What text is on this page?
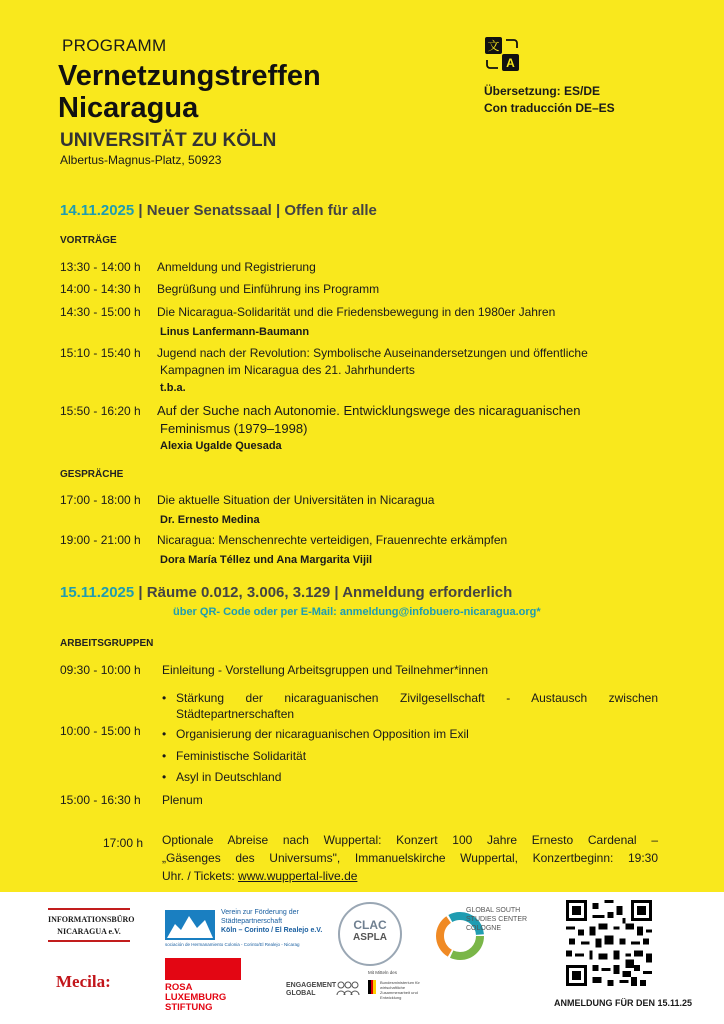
PROGRAMM
Vernetzungstreffen
Nicaragua
UNIVERSITÄT ZU KÖLN
Albertus-Magnus-Platz, 50923
文
A
Übersetzung: ES/DE
Con traducción DE–ES
14.11.2025 | Neuer Senatssaal | Offen für alle
VORTRÄGE
13:30 - 14:00 h Anmeldung und Registrierung
14:00 - 14:30 h Begrüßung und Einführung ins Programm
14:30 - 15:00 h Die Nicaragua-Solidarität und die Friedensbewegung in den 1980er Jahren
Linus Lanfermann-Baumann
15:10 - 15:40 h Jugend nach der Revolution: Symbolische Auseinandersetzungen und öffentliche
Kampagnen im Nicaragua des 21. Jahrhunderts
t.b.a.
15:50 - 16:20 h Auf der Suche nach Autonomie. Entwicklungswege des nicaraguanischen
Feminismus (1979–1998)
Alexia Ugalde Quesada
GESPRÄCHE
17:00 - 18:00 h Die aktuelle Situation der Universitäten in Nicaragua
Dr. Ernesto Medina
19:00 - 21:00 h Nicaragua: Menschenrechte verteidigen, Frauenrechte erkämpfen
Dora María Téllez und Ana Margarita Vijil
15.11.2025 | Räume 0.012, 3.006, 3.129 | Anmeldung erforderlich
über QR- Code oder per E-Mail: anmeldung@infobuero-nicaragua.org*
ARBEITSGRUPPEN
09:30 - 10:00 h Einleitung - Vorstellung Arbeitsgruppen und Teilnehmer*innen
10:00 - 15:00 h
• Stärkung der nicaraguanischen Zivilgesellschaft - Austausch zwischen
Städtepartnerschaften
• Organisierung der nicaraguanischen Opposition im Exil
• Feministische Solidarität
• Asyl in Deutschland
15:00 - 16:30 h Plenum
17:00 h Optionale Abreise nach Wuppertal: Konzert 100 Jahre Ernesto Cardenal –
„Gäsenges des Universums", Immanuelskirche Wuppertal, Konzertbeginn: 19:30
Uhr. / Tickets: www.wuppertal-live.de
INFORMATIONSBÜRO
NICARAGUA e.V.
Verein zur Förderung der
Städtepartnerschaft
Köln – Corinto / El Realejo e.V.
sociación de Hermanamiento Colonia - Corinto/El Realejo - Nicarag
CLAC
ASPLA
GLOBAL SOUTH
STUDIES CENTER
COLOGNE
ANMELDUNG FÜR DEN 15.11.25
Mecila:	ROSA
LUXEMBURG
STIFTUNG
ENGAGEMENT
GLOBAL
Mit Mitteln des
Bundesministerium für wirtschaftliche Zusammenarbeit und Entwicklung
